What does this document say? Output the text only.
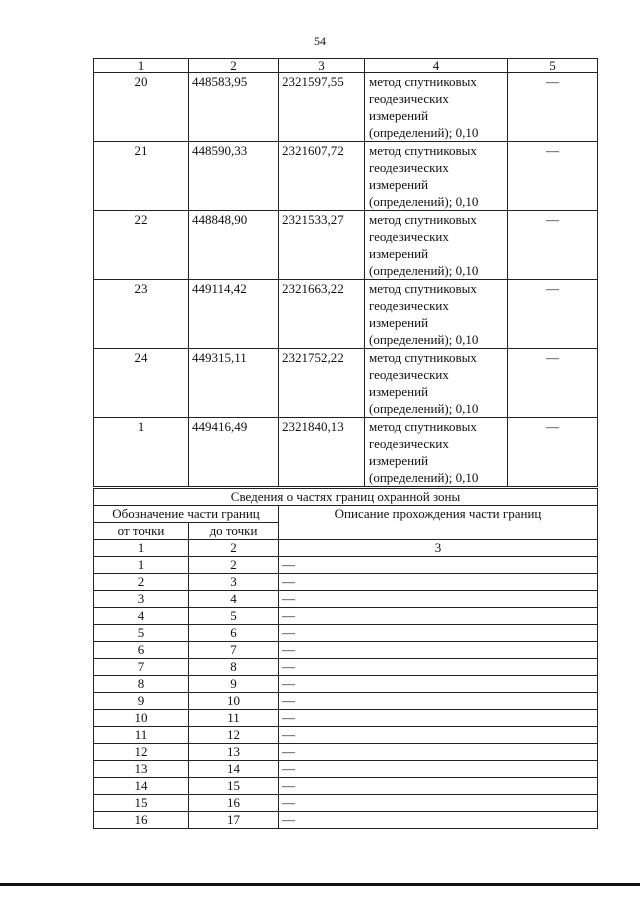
54
1	2	3	4	5
20	448583,95	2321597,55	метод спутниковых
геодезических
измерений
(определений); 0,10	—
21	448590,33	2321607,72	метод спутниковых
геодезических
измерений
(определений); 0,10	—
22	448848,90	2321533,27	метод спутниковых
геодезических
измерений
(определений); 0,10	—
23	449114,42	2321663,22	метод спутниковых
геодезических
измерений
(определений); 0,10	—
24	449315,11	2321752,22	метод спутниковых
геодезических
измерений
(определений); 0,10	—
1	449416,49	2321840,13	метод спутниковых
геодезических
измерений
(определений); 0,10	—
Сведения о частях границ охранной зоны		
Обозначение части границ		Описание прохождения части границ
от точки	до точки	
1	2	3
1	2	—
2	3	—
3	4	—
4	5	—
5	6	—
6	7	—
7	8	—
8	9	—
9	10	—
10	11	—
11	12	—
12	13	—
13	14	—
14	15	—
15	16	—
16	17	—
